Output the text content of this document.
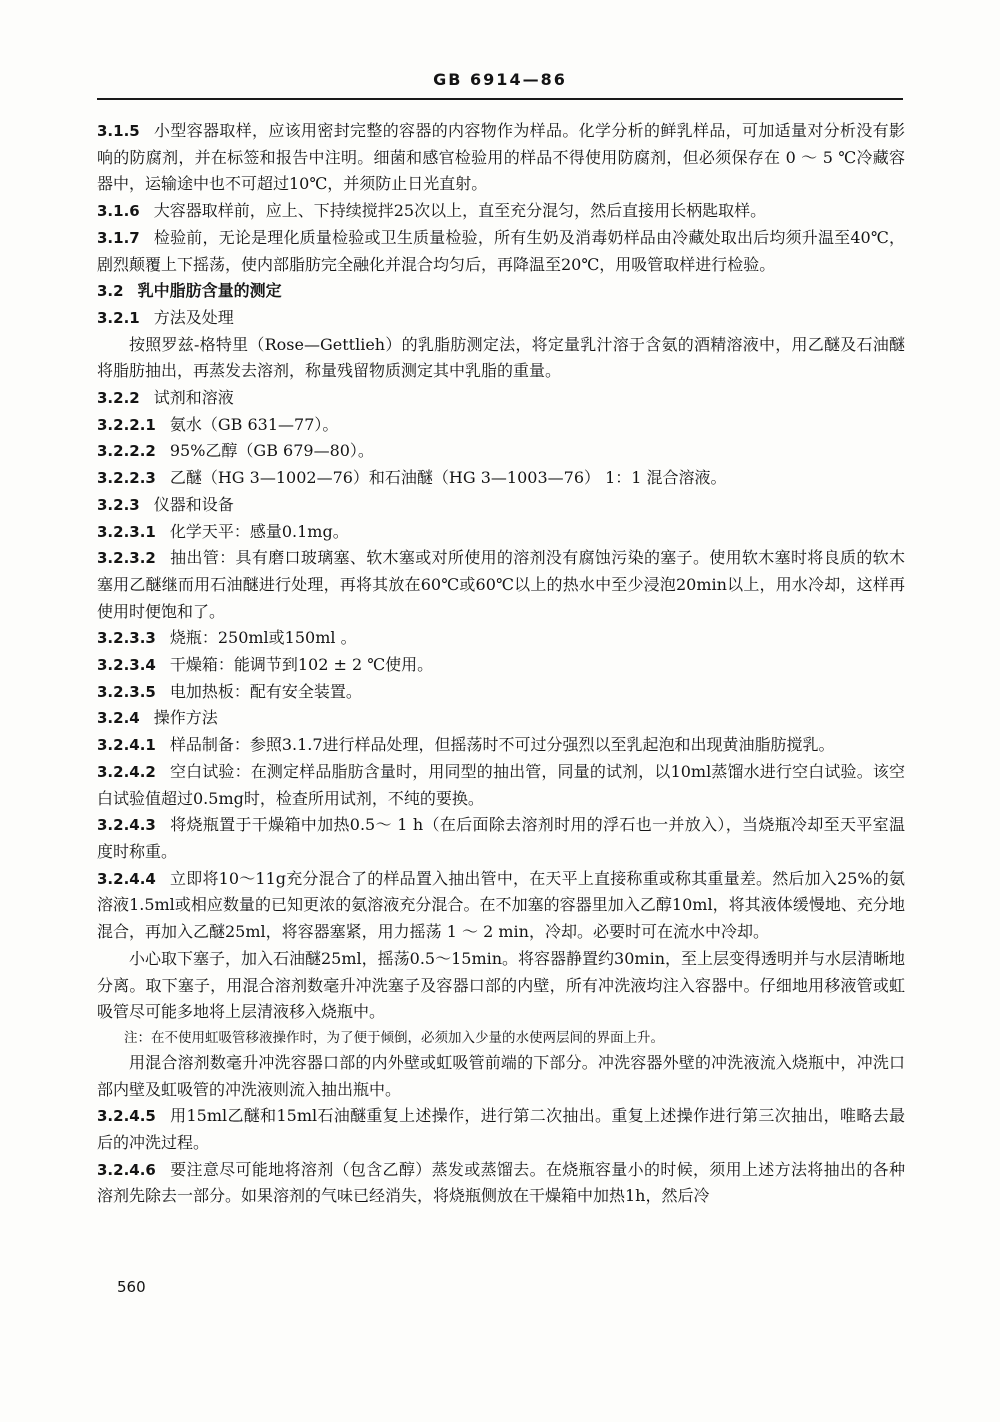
GB 6914—86

3.1.5 小型容器取样，应该用密封完整的容器的内容物作为样品。化学分析的鲜乳样品，可加适量对分析没有影响的防腐剂，并在标签和报告中注明。细菌和感官检验用的样品不得使用防腐剂，但必须保存在 0 ～ 5 ℃冷藏容器中，运输途中也不可超过10℃，并须防止日光直射。

3.1.6 大容器取样前，应上、下持续搅拌25次以上，直至充分混匀，然后直接用长柄匙取样。

3.1.7 检验前，无论是理化质量检验或卫生质量检验，所有生奶及消毒奶样品由冷藏处取出后均须升温至40℃，剧烈颠覆上下摇荡，使内部脂肪完全融化并混合均匀后，再降温至20℃，用吸管取样进行检验。

3.2 乳中脂肪含量的测定

3.2.1 方法及处理

按照罗兹-格特里（Rose—Gettlieh）的乳脂肪测定法，将定量乳汁溶于含氨的酒精溶液中，用乙醚及石油醚将脂肪抽出，再蒸发去溶剂，称量残留物质测定其中乳脂的重量。

3.2.2 试剂和溶液

3.2.2.1 氨水（GB 631—77）。

3.2.2.2 95%乙醇（GB 679—80）。

3.2.2.3 乙醚（HG 3—1002—76）和石油醚（HG 3—1003—76） 1：1 混合溶液。

3.2.3 仪器和设备

3.2.3.1 化学天平：感量0.1mg。

3.2.3.2 抽出管：具有磨口玻璃塞、软木塞或对所使用的溶剂没有腐蚀污染的塞子。使用软木塞时将良质的软木塞用乙醚继而用石油醚进行处理，再将其放在60℃或60℃以上的热水中至少浸泡20min以上，用水冷却，这样再使用时便饱和了。

3.2.3.3 烧瓶：250ml或150ml 。

3.2.3.4 干燥箱：能调节到102 ± 2 ℃使用。

3.2.3.5 电加热板：配有安全装置。

3.2.4 操作方法

3.2.4.1 样品制备：参照3.1.7进行样品处理，但摇荡时不可过分强烈以至乳起泡和出现黄油脂肪搅乳。

3.2.4.2 空白试验：在测定样品脂肪含量时，用同型的抽出管，同量的试剂，以10ml蒸馏水进行空白试验。该空白试验值超过0.5mg时，检查所用试剂，不纯的要换。

3.2.4.3 将烧瓶置于干燥箱中加热0.5～ 1 h（在后面除去溶剂时用的浮石也一并放入），当烧瓶冷却至天平室温度时称重。

3.2.4.4 立即将10～11g充分混合了的样品置入抽出管中，在天平上直接称重或称其重量差。然后加入25%的氨溶液1.5ml或相应数量的已知更浓的氨溶液充分混合。在不加塞的容器里加入乙醇10ml，将其液体缓慢地、充分地混合，再加入乙醚25ml，将容器塞紧，用力摇荡 1 ～ 2 min，冷却。必要时可在流水中冷却。

小心取下塞子，加入石油醚25ml，摇荡0.5～15min。将容器静置约30min，至上层变得透明并与水层清晰地分离。取下塞子，用混合溶剂数毫升冲洗塞子及容器口部的内壁，所有冲洗液均注入容器中。仔细地用移液管或虹吸管尽可能多地将上层清液移入烧瓶中。

注：在不使用虹吸管移液操作时，为了便于倾倒，必须加入少量的水使两层间的界面上升。

用混合溶剂数毫升冲洗容器口部的内外壁或虹吸管前端的下部分。冲洗容器外壁的冲洗液流入烧瓶中，冲洗口部内壁及虹吸管的冲洗液则流入抽出瓶中。

3.2.4.5 用15ml乙醚和15ml石油醚重复上述操作，进行第二次抽出。重复上述操作进行第三次抽出，唯略去最后的冲洗过程。

3.2.4.6 要注意尽可能地将溶剂（包含乙醇）蒸发或蒸馏去。在烧瓶容量小的时候，须用上述方法将抽出的各种溶剂先除去一部分。如果溶剂的气味已经消失，将烧瓶侧放在干燥箱中加热1h，然后冷

560
